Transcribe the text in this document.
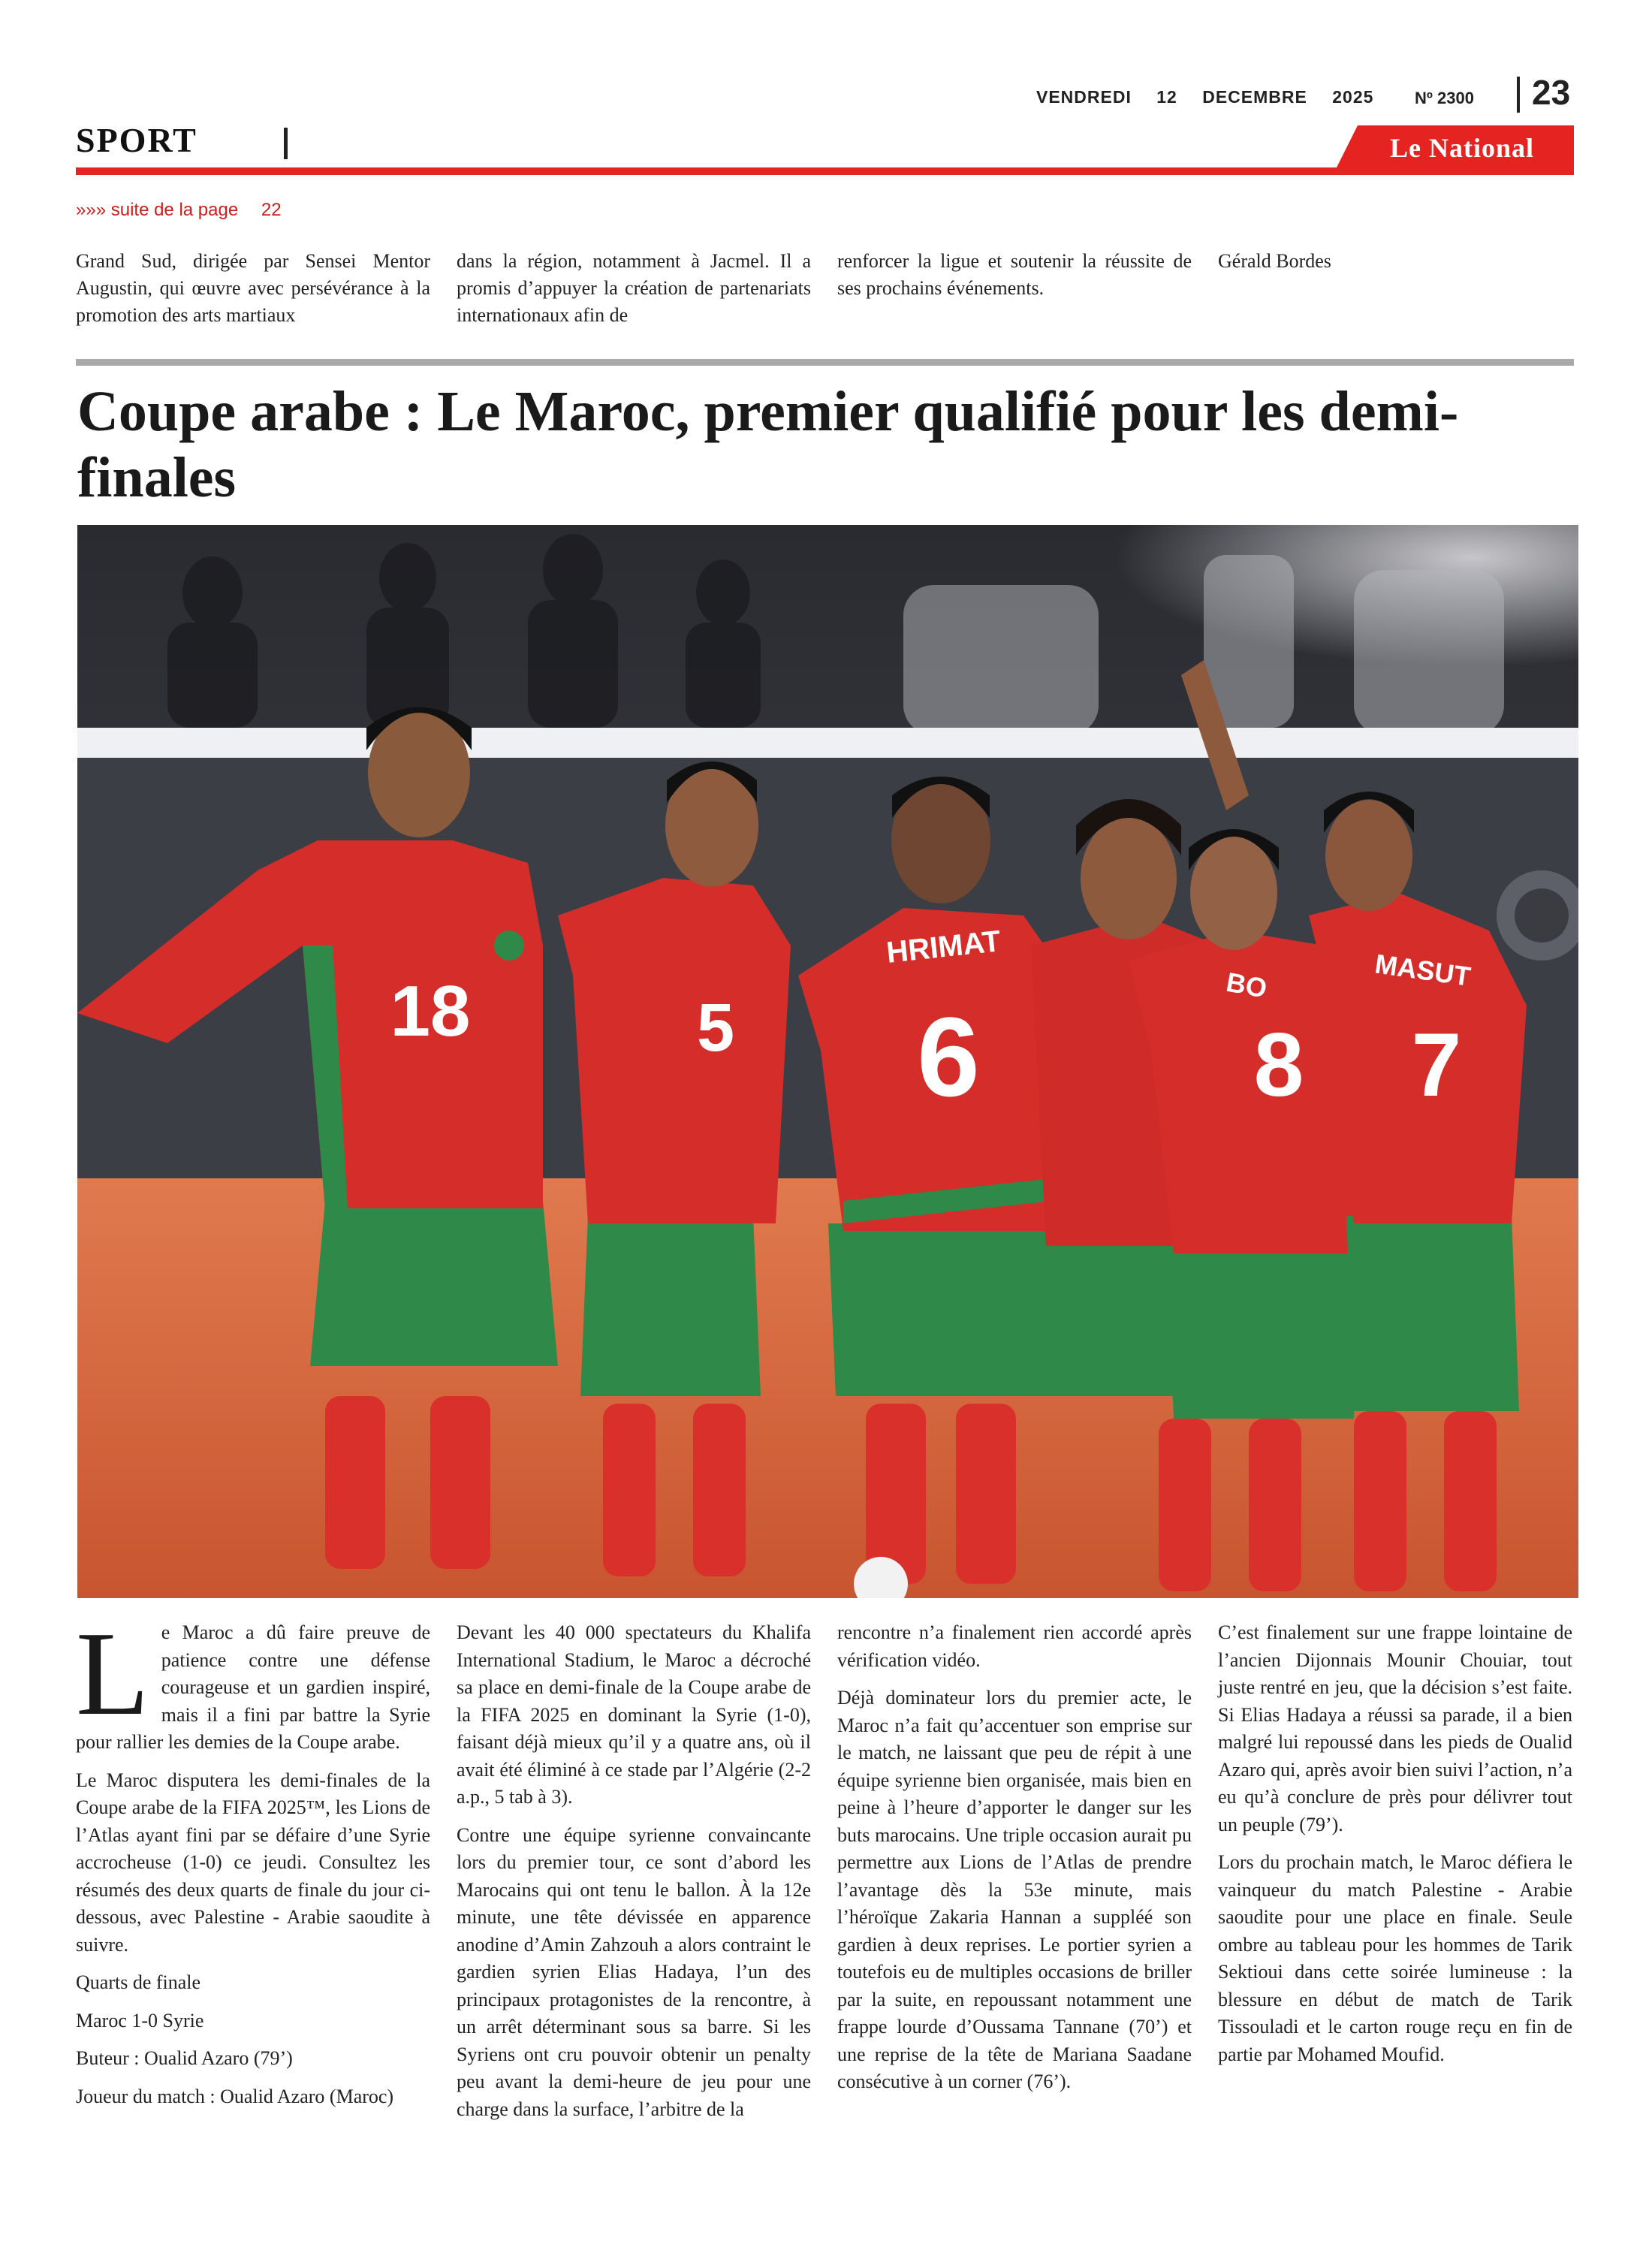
VENDREDI 12 DECEMBRE 2025	Nº 2300 23
SPORT	Le National
»»» suite de la page 22
Grand Sud, dirigée par Sensei Mentor Augustin, qui œuvre avec persévérance à la promotion des arts martiaux
dans la région, notamment à Jacmel. Il a promis d’appuyer la création de partenariats internationaux afin de
renforcer la ligue et soutenir la réussite de ses prochains événements.
Gérald Bordes
Coupe arabe : Le Maroc, premier qualifié pour les demi-finales
18	5
HRIMAT
6
BO
8
MASUT
7

Le Maroc a dû faire preuve de patience contre une défense courageuse et un gardien inspiré, mais il a fini par battre la Syrie pour rallier les demies de la Coupe arabe.

Le Maroc disputera les demi-finales de la Coupe arabe de la FIFA 2025™, les Lions de l’Atlas ayant fini par se défaire d’une Syrie accrocheuse (1-0) ce jeudi. Consultez les résumés des deux quarts de finale du jour ci-dessous, avec Palestine - Arabie saoudite à suivre.

Quarts de finale

Maroc 1-0 Syrie

Buteur : Oualid Azaro (79’)

Joueur du match : Oualid Azaro (Maroc)

Devant les 40 000 spectateurs du Khalifa International Stadium, le Maroc a décroché sa place en demi-finale de la Coupe arabe de la FIFA 2025 en dominant la Syrie (1-0), faisant déjà mieux qu’il y a quatre ans, où il avait été éliminé à ce stade par l’Algérie (2-2 a.p., 5 tab à 3).

Contre une équipe syrienne convaincante lors du premier tour, ce sont d’abord les Marocains qui ont tenu le ballon. À la 12e minute, une tête dévissée en apparence anodine d’Amin Zahzouh a alors contraint le gardien syrien Elias Hadaya, l’un des principaux protagonistes de la rencontre, à un arrêt déterminant sous sa barre. Si les Syriens ont cru pouvoir obtenir un penalty peu avant la demi-heure de jeu pour une charge dans la surface, l’arbitre de la

rencontre n’a finalement rien accordé après vérification vidéo.

Déjà dominateur lors du premier acte, le Maroc n’a fait qu’accentuer son emprise sur le match, ne laissant que peu de répit à une équipe syrienne bien organisée, mais bien en peine à l’heure d’apporter le danger sur les buts marocains. Une triple occasion aurait pu permettre aux Lions de l’Atlas de prendre l’avantage dès la 53e minute, mais l’héroïque Zakaria Hannan a suppléé son gardien à deux reprises. Le portier syrien a toutefois eu de multiples occasions de briller par la suite, en repoussant notamment une frappe lourde d’Oussama Tannane (70’) et une reprise de la tête de Mariana Saadane consécutive à un corner (76’).

C’est finalement sur une frappe lointaine de l’ancien Dijonnais Mounir Chouiar, tout juste rentré en jeu, que la décision s’est faite. Si Elias Hadaya a réussi sa parade, il a bien malgré lui repoussé dans les pieds de Oualid Azaro qui, après avoir bien suivi l’action, n’a eu qu’à conclure de près pour délivrer tout un peuple (79’).

Lors du prochain match, le Maroc défiera le vainqueur du match Palestine - Arabie saoudite pour une place en finale. Seule ombre au tableau pour les hommes de Tarik Sektioui dans cette soirée lumineuse : la blessure en début de match de Tarik Tissouladi et le carton rouge reçu en fin de partie par Mohamed Moufid.
